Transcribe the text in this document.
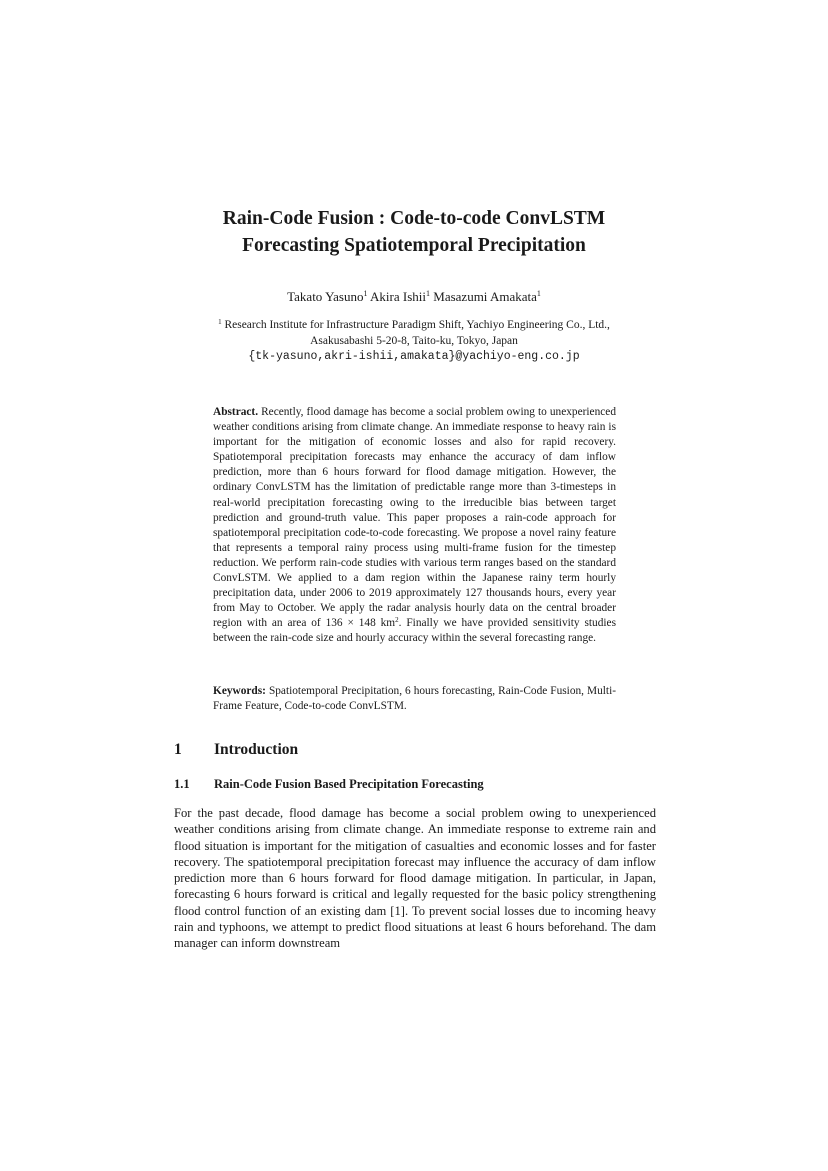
Rain-Code Fusion : Code-to-code ConvLSTM
Forecasting Spatiotemporal Precipitation
Takato Yasuno$^1$ Akira Ishii$^1$ Masazumi Amakata$^1$
$^1$ Research Institute for Infrastructure Paradigm Shift, Yachiyo Engineering Co., Ltd.,
Asakusabashi 5-20-8, Taito-ku, Tokyo, Japan
{tk-yasuno,akri-ishii,amakata}@yachiyo-eng.co.jp
Abstract. Recently, flood damage has become a social problem owing to unexperienced weather conditions arising from climate change. An immediate response to heavy rain is important for the mitigation of economic losses and also for rapid recovery. Spatiotemporal precipitation forecasts may enhance the accuracy of dam inflow prediction, more than 6 hours forward for flood damage mitigation. However, the ordinary ConvLSTM has the limitation of predictable range more than 3-timesteps in real-world precipitation forecasting owing to the irreducible bias between target prediction and ground-truth value. This paper proposes a rain-code approach for spatiotemporal precipitation code-to-code forecasting. We propose a novel rainy feature that represents a temporal rainy process using multi-frame fusion for the timestep reduction. We perform rain-code studies with various term ranges based on the standard ConvLSTM. We applied to a dam region within the Japanese rainy term hourly precipitation data, under 2006 to 2019 approximately 127 thousands hours, every year from May to October. We apply the radar analysis hourly data on the central broader region with an area of 136 × 148 $km^2$. Finally we have provided sensitivity studies between the rain-code size and hourly accuracy within the several forecasting range.
Keywords: Spatiotemporal Precipitation, 6 hours forecasting, Rain-Code Fusion, Multi-Frame Feature, Code-to-code ConvLSTM.
1 Introduction
1.1 Rain-Code Fusion Based Precipitation Forecasting
For the past decade, flood damage has become a social problem owing to unexperienced weather conditions arising from climate change. An immediate response to extreme rain and flood situation is important for the mitigation of casualties and economic losses and for faster recovery. The spatiotemporal precipitation forecast may influence the accuracy of dam inflow prediction more than 6 hours forward for flood damage mitigation. In particular, in Japan, forecasting 6 hours forward is critical and legally requested for the basic policy strengthening flood control function of an existing dam [1]. To prevent social losses due to incoming heavy rain and typhoons, we attempt to predict flood situations at least 6 hours beforehand. The dam manager can inform downstream
